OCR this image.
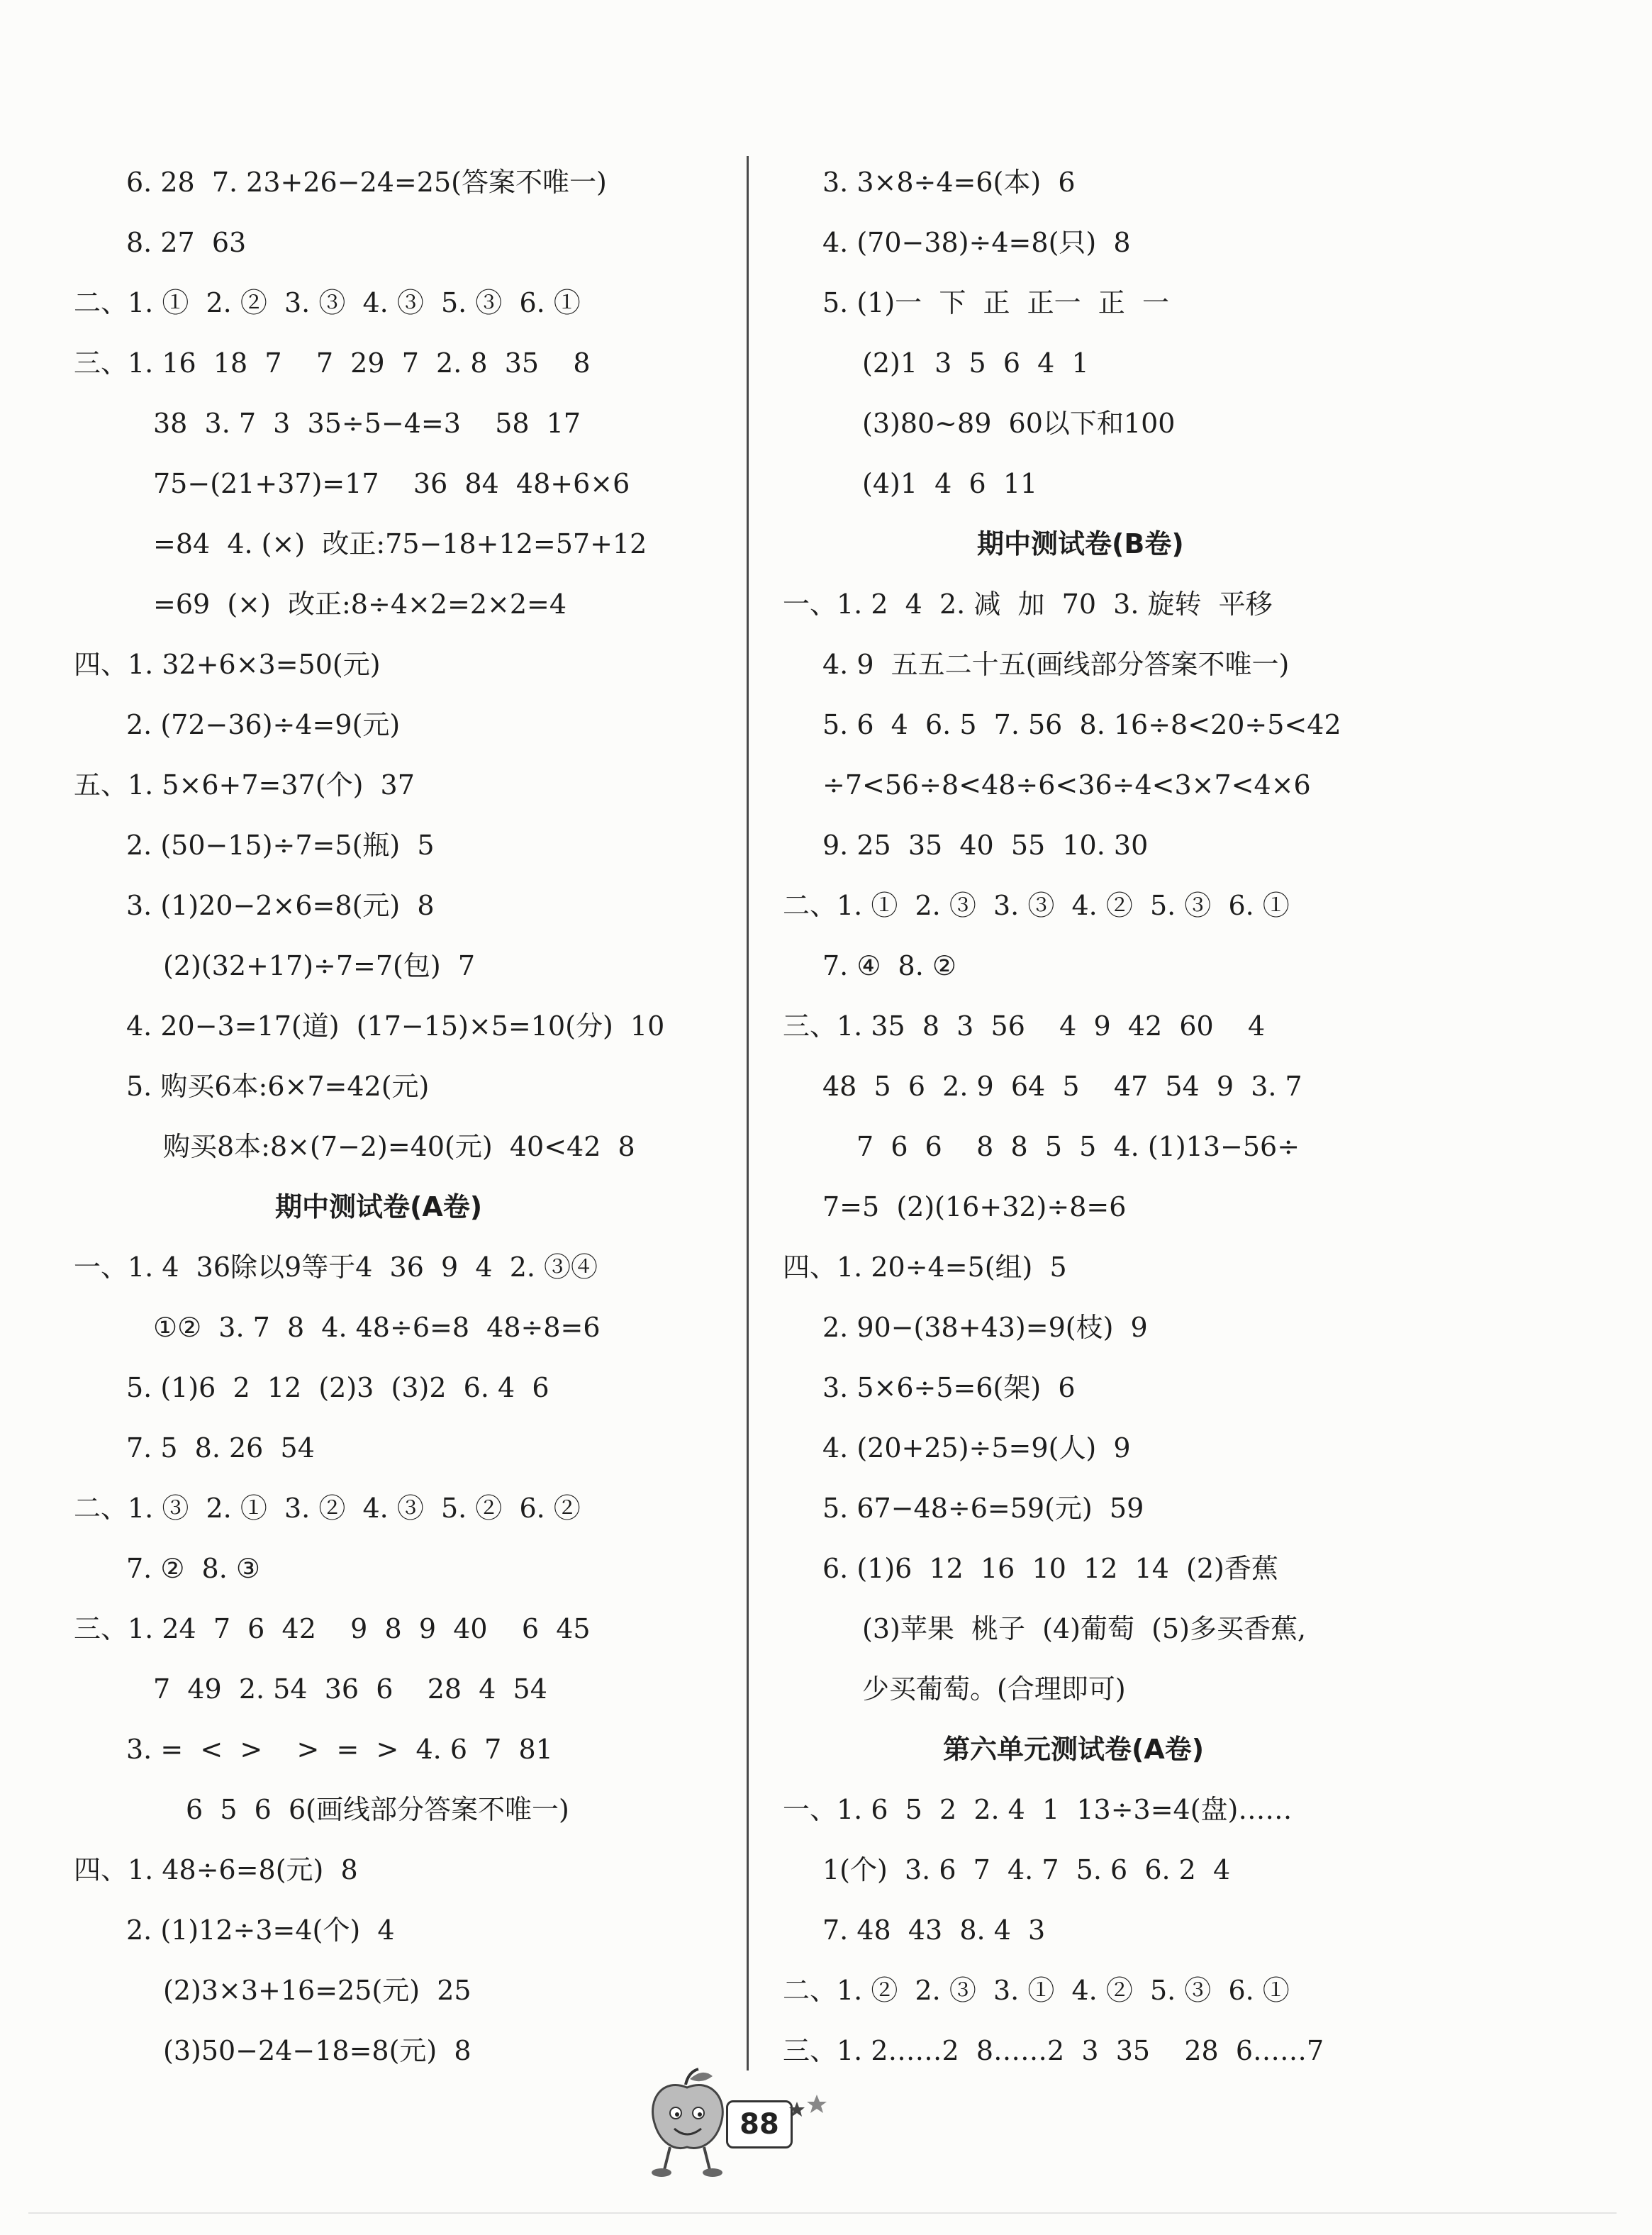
6. 28  7. 23+26−24=25(答案不唯一)
8. 27  63
二、1. ①  2. ②  3. ③  4. ③  5. ③  6. ①
三、1. 16  18  7    7  29  7  2. 8  35    8
38  3. 7  3  35÷5−4=3    58  17
75−(21+37)=17    36  84  48+6×6
=84  4. (×)  改正:75−18+12=57+12
=69  (×)  改正:8÷4×2=2×2=4
四、1. 32+6×3=50(元)
2. (72−36)÷4=9(元)
五、1. 5×6+7=37(个)  37
2. (50−15)÷7=5(瓶)  5
3. (1)20−2×6=8(元)  8
(2)(32+17)÷7=7(包)  7
4. 20−3=17(道)  (17−15)×5=10(分)  10
5. 购买6本:6×7=42(元)
购买8本:8×(7−2)=40(元)  40<42  8
期中测试卷(A卷)
一、1. 4  36除以9等于4  36  9  4  2. ③④
①②  3. 7  8  4. 48÷6=8  48÷8=6
5. (1)6  2  12  (2)3  (3)2  6. 4  6
7. 5  8. 26  54
二、1. ③  2. ①  3. ②  4. ③  5. ②  6. ②
7. ②  8. ③
三、1. 24  7  6  42    9  8  9  40    6  45
7  49  2. 54  36  6    28  4  54
3. =  <  >    >  =  >  4. 6  7  81
6  5  6  6(画线部分答案不唯一)
四、1. 48÷6=8(元)  8
2. (1)12÷3=4(个)  4
(2)3×3+16=25(元)  25
(3)50−24−18=8(元)  8
3. 3×8÷4=6(本)  6
4. (70−38)÷4=8(只)  8
5. (1)一  下  正  正一  正  一
(2)1  3  5  6  4  1
(3)80~89  60以下和100
(4)1  4  6  11
期中测试卷(B卷)
一、1. 2  4  2. 减  加  70  3. 旋转  平移
4. 9  五五二十五(画线部分答案不唯一)
5. 6  4  6. 5  7. 56  8. 16÷8<20÷5<42
÷7<56÷8<48÷6<36÷4<3×7<4×6
9. 25  35  40  55  10. 30
二、1. ①  2. ③  3. ③  4. ②  5. ③  6. ①
7. ④  8. ②
三、1. 35  8  3  56    4  9  42  60    4
48  5  6  2. 9  64  5    47  54  9  3. 7
7  6  6    8  8  5  5  4. (1)13−56÷
7=5  (2)(16+32)÷8=6
四、1. 20÷4=5(组)  5
2. 90−(38+43)=9(枝)  9
3. 5×6÷5=6(架)  6
4. (20+25)÷5=9(人)  9
5. 67−48÷6=59(元)  59
6. (1)6  12  16  10  12  14  (2)香蕉
(3)苹果  桃子  (4)葡萄  (5)多买香蕉,
少买葡萄。(合理即可)
第六单元测试卷(A卷)
一、1. 6  5  2  2. 4  1  13÷3=4(盘)……
1(个)  3. 6  7  4. 7  5. 6  6. 2  4
7. 48  43  8. 4  3
二、1. ②  2. ③  3. ①  4. ②  5. ③  6. ①
三、1. 2……2  8……2  3  35    28  6……7
88
